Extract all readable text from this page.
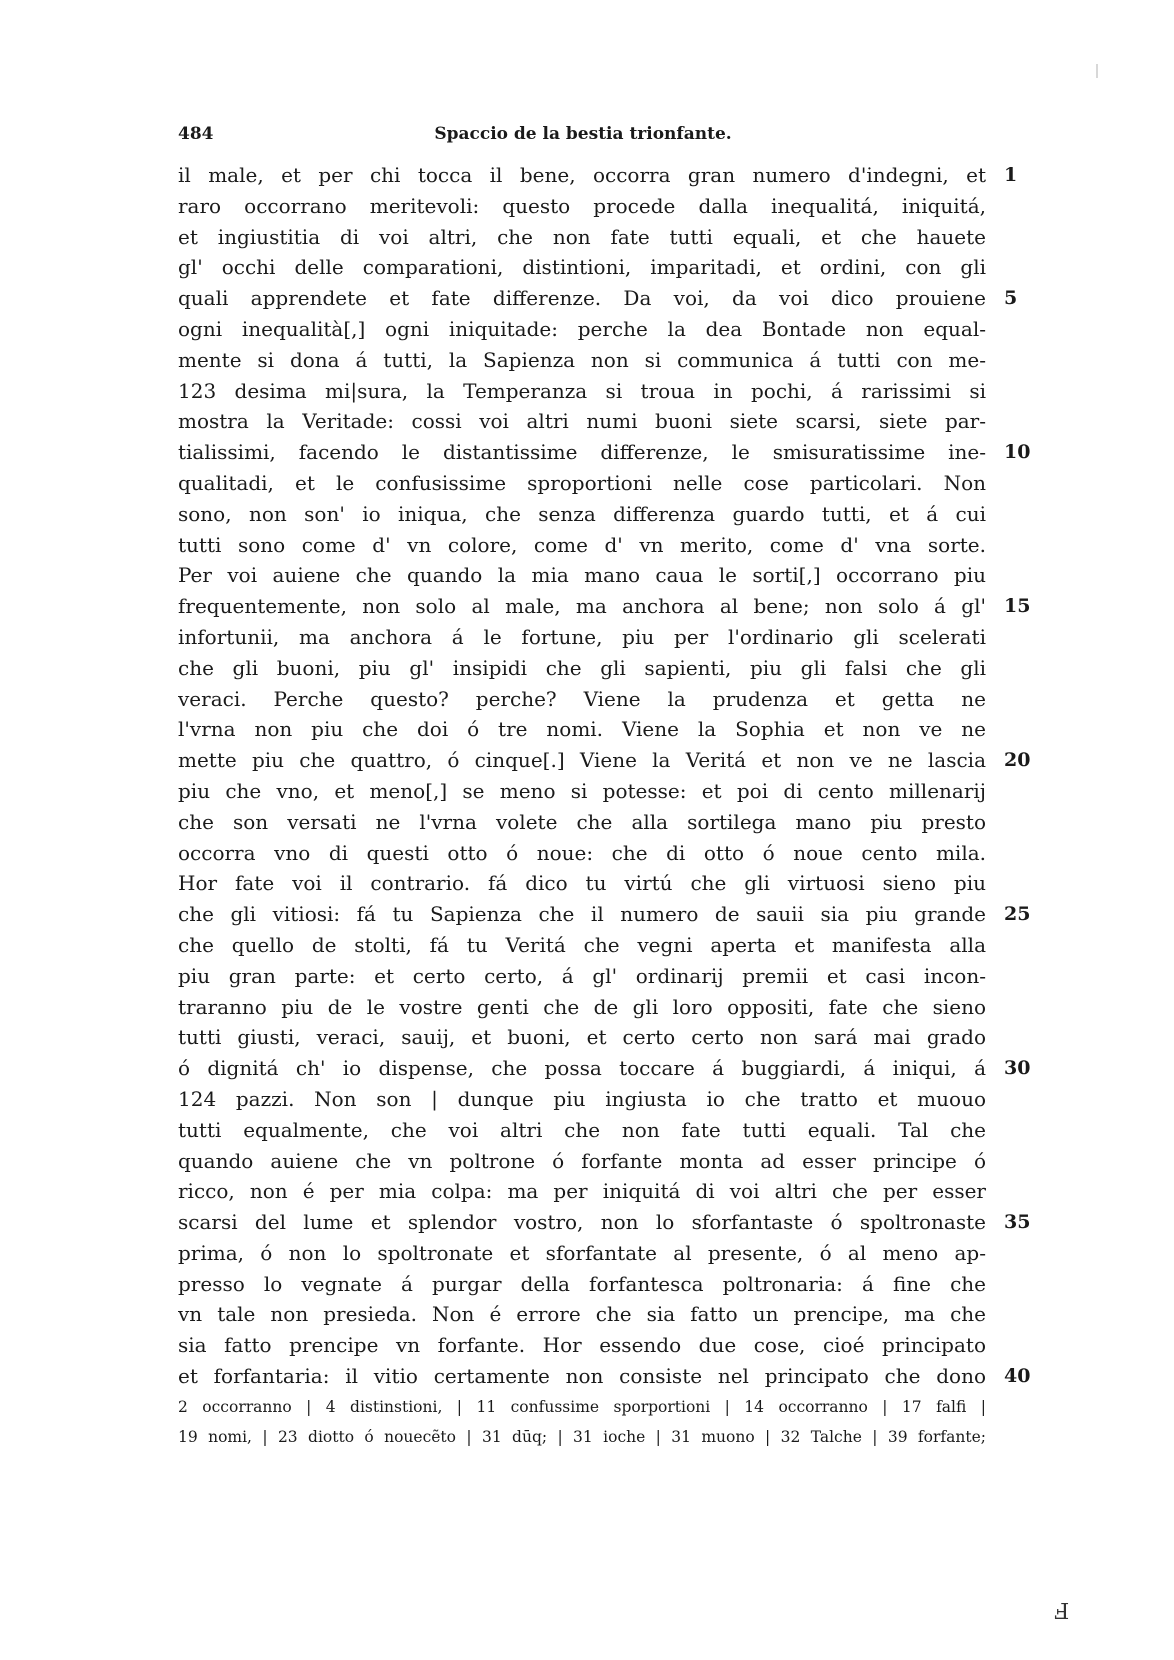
484	Spaccio de la bestia trionfante.
il male, et per chi tocca il bene, occorra gran numero d'indegni, et 1
raro occorrano meritevoli: questo procede dalla inequalitá, iniquitá,
et ingiustitia di voi altri, che non fate tutti equali, et che hauete
gl' occhi delle comparationi, distintioni, imparitadi, et ordini, con gli
quali apprendete et fate differenze. Da voi, da voi dico prouiene 5
ogni inequalità[,] ogni iniquitade: perche la dea Bontade non equal-
mente si dona á tutti, la Sapienza non si communica á tutti con me-
123 desima mi|sura, la Temperanza si troua in pochi, á rarissimi si
mostra la Veritade: cossi voi altri numi buoni siete scarsi, siete par-
tialissimi, facendo le distantissime differenze, le smisuratissime ine- 10
qualitadi, et le confusissime sproportioni nelle cose particolari. Non
sono, non son' io iniqua, che senza differenza guardo tutti, et á cui
tutti sono come d' vn colore, come d' vn merito, come d' vna sorte.
Per voi auiene che quando la mia mano caua le sorti[,] occorrano piu
frequentemente, non solo al male, ma anchora al bene; non solo á gl' 15
infortunii, ma anchora á le fortune, piu per l'ordinario gli scelerati
che gli buoni, piu gl' insipidi che gli sapienti, piu gli falsi che gli
veraci. Perche questo? perche? Viene la prudenza et getta ne
l'vrna non piu che doi ó tre nomi. Viene la Sophia et non ve ne
mette piu che quattro, ó cinque[.] Viene la Veritá et non ve ne lascia 20
piu che vno, et meno[,] se meno si potesse: et poi di cento millenarij
che son versati ne l'vrna volete che alla sortilega mano piu presto
occorra vno di questi otto ó noue: che di otto ó noue cento mila.
Hor fate voi il contrario. fá dico tu virtú che gli virtuosi sieno piu
che gli vitiosi: fá tu Sapienza che il numero de sauii sia piu grande 25
che quello de stolti, fá tu Veritá che vegni aperta et manifesta alla
piu gran parte: et certo certo, á gl' ordinarij premii et casi incon-
traranno piu de le vostre genti che de gli loro oppositi, fate che sieno
tutti giusti, veraci, sauij, et buoni, et certo certo non sará mai grado
ó dignitá ch' io dispense, che possa toccare á buggiardi, á iniqui, á 30
124 pazzi. Non son | dunque piu ingiusta io che tratto et muouo
tutti equalmente, che voi altri che non fate tutti equali. Tal che
quando auiene che vn poltrone ó forfante monta ad esser principe ó
ricco, non é per mia colpa: ma per iniquitá di voi altri che per esser
scarsi del lume et splendor vostro, non lo sforfantaste ó spoltronaste 35
prima, ó non lo spoltronate et sforfantate al presente, ó al meno ap-
presso lo vegnate á purgar della forfantesca poltronaria: á fine che
vn tale non presieda. Non é errore che sia fatto un prencipe, ma che
sia fatto prencipe vn forfante. Hor essendo due cose, cioé principato
et forfantaria: il vitio certamente non consiste nel principato che dono 40
2 occorranno | 4 distinstioni, | 11 confussime sporportioni | 14 occorranno | 17 falfi |
19 nomi, | 23 diotto ó nouecẽto | 31 dūq; | 31 ioche | 31 muono | 32 Talche | 39 forfante;
Ⅎ
